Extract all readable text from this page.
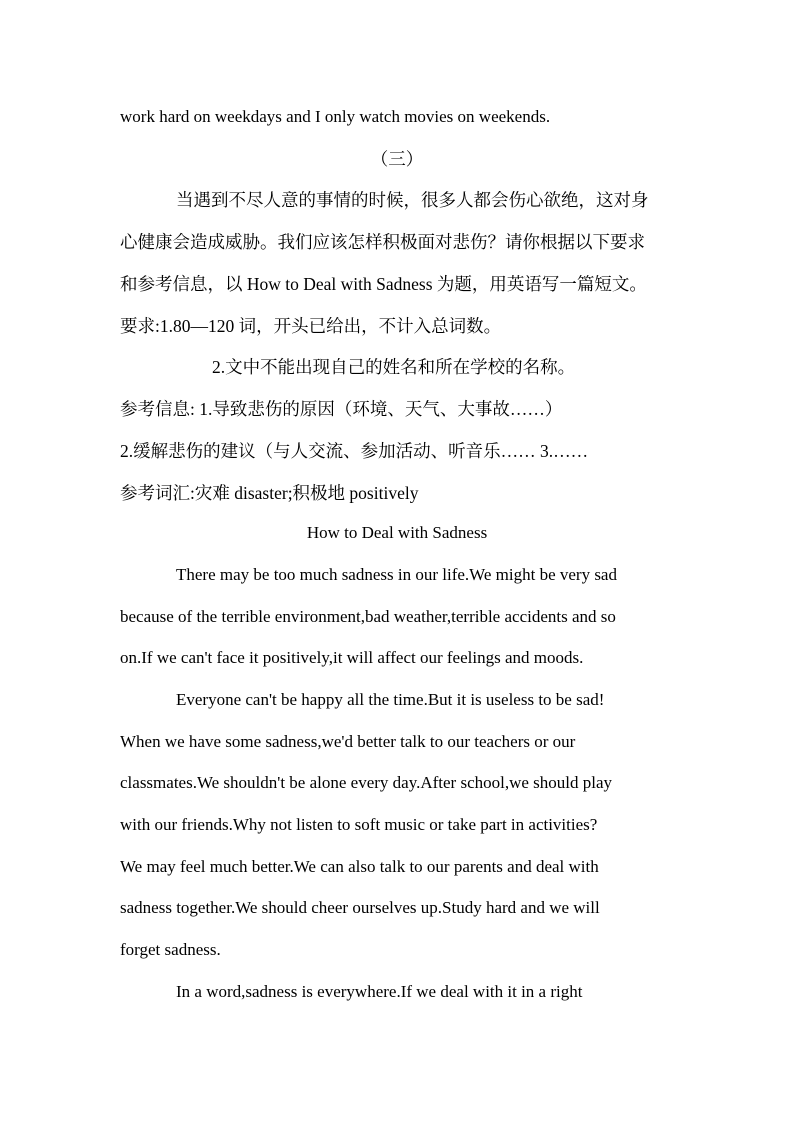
work hard on weekdays and I only watch movies on weekends.
（三）
当遇到不尽人意的事情的时候，很多人都会伤心欲绝，这对身
心健康会造成威胁。我们应该怎样积极面对悲伤？请你根据以下要求
和参考信息，以 How to Deal with Sadness 为题，用英语写一篇短文。
要求:1.80—120 词，开头已给出，不计入总词数。
2.文中不能出现自己的姓名和所在学校的名称。
参考信息: 1.导致悲伤的原因（环境、天气、大事故……）
2.缓解悲伤的建议（与人交流、参加活动、听音乐…… 3.……
参考词汇:灾难 disaster;积极地 positively
How to Deal with Sadness
There may be too much sadness in our life.We might be very sad
because of the terrible environment,bad weather,terrible accidents and so
on.If we can't face it positively,it will affect our feelings and moods.
Everyone can't be happy all the time.But it is useless to be sad!
When we have some sadness,we'd better talk to our teachers or our
classmates.We shouldn't be alone every day.After school,we should play
with our friends.Why not listen to soft music or take part in activities?
We may feel much better.We can also talk to our parents and deal with
sadness together.We should cheer ourselves up.Study hard and we will
forget sadness.
In a word,sadness is everywhere.If we deal with it in a right
